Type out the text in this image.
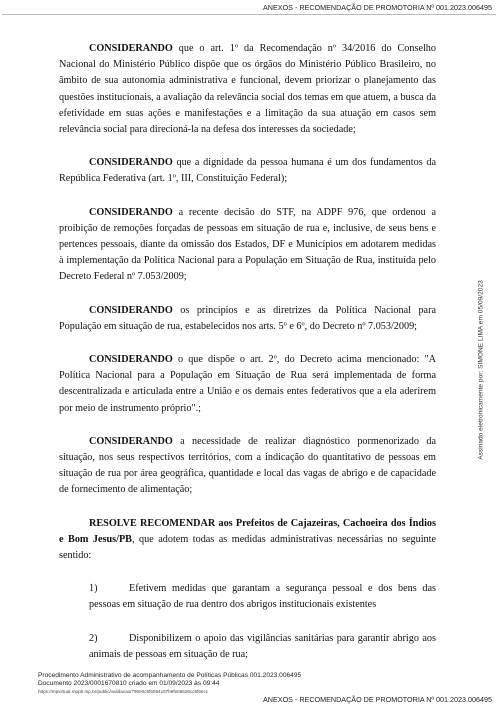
ANEXOS - RECOMENDAÇÃO DE PROMOTORIA Nº 001.2023.006495

CONSIDERANDO que o art. 1º da Recomendação nº 34/2016 do Conselho Nacional do Ministério Público dispõe que os órgãos do Ministério Público Brasileiro, no âmbito de sua autonomia administrativa e funcional, devem priorizar o planejamento das questões institucionais, a avaliação da relevância social dos temas em que atuem, a busca da efetividade em suas ações e manifestações e a limitação da sua atuação em casos sem relevância social para direcioná-la na defesa dos interesses da sociedade;

CONSIDERANDO que a dignidade da pessoa humana é um dos fundamentos da República Federativa (art. 1º, III, Constituição Federal);

CONSIDERANDO a recente decisão do STF, na ADPF 976, que ordenou a proibição de remoções forçadas de pessoas em situação de rua e, inclusive, de seus bens e pertences pessoais, diante da omissão dos Estados, DF e Municípios em adotarem medidas à implementação da Política Nacional para a População em Situação de Rua, instituída pelo Decreto Federal nº 7.053/2009;

CONSIDERANDO os princípios e as diretrizes da Política Nacional para População em situação de rua, estabelecidos nos arts. 5º e 6º, do Decreto nº 7.053/2009;

CONSIDERANDO o que dispõe o art. 2º, do Decreto acima mencionado: "A Política Nacional para a População em Situação de Rua será implementada de forma descentralizada e articulada entre a União e os demais entes federativos que a ela aderirem por meio de instrumento próprio".;

CONSIDERANDO a necessidade de realizar diagnóstico pormenorizado da situação, nos seus respectivos territórios, com a indicação do quantitativo de pessoas em situação de rua por área geográfica, quantidade e local das vagas de abrigo e de capacidade de fornecimento de alimentação;

RESOLVE RECOMENDAR aos Prefeitos de Cajazeiras, Cachoeira dos Índios e Bom Jesus/PB, que adotem todas as medidas administrativas necessárias no seguinte sentido:

1)	Efetivem medidas que garantam a segurança pessoal e dos bens das pessoas em situação de rua dentro dos abrigos institucionais existentes
2)	Disponibilizem o apoio das vigilâncias sanitárias para garantir abrigo aos animais de pessoas em situação de rua;
Assinado eletronicamente por: SIMONE LIMA em 05/09/2023
Procedimento Administrativo de acompanhamento de Políticas Públicas 001.2023.006495
Documento 2023/0001670810 criado em 01/09/2023 às 09:44
https://mpvirtual.mppb.mp.br/public/validacao/790e0c5f6094157b6fe06526cc5f6ecc
ANEXOS - RECOMENDAÇÃO DE PROMOTORIA Nº 001.2023.006495
